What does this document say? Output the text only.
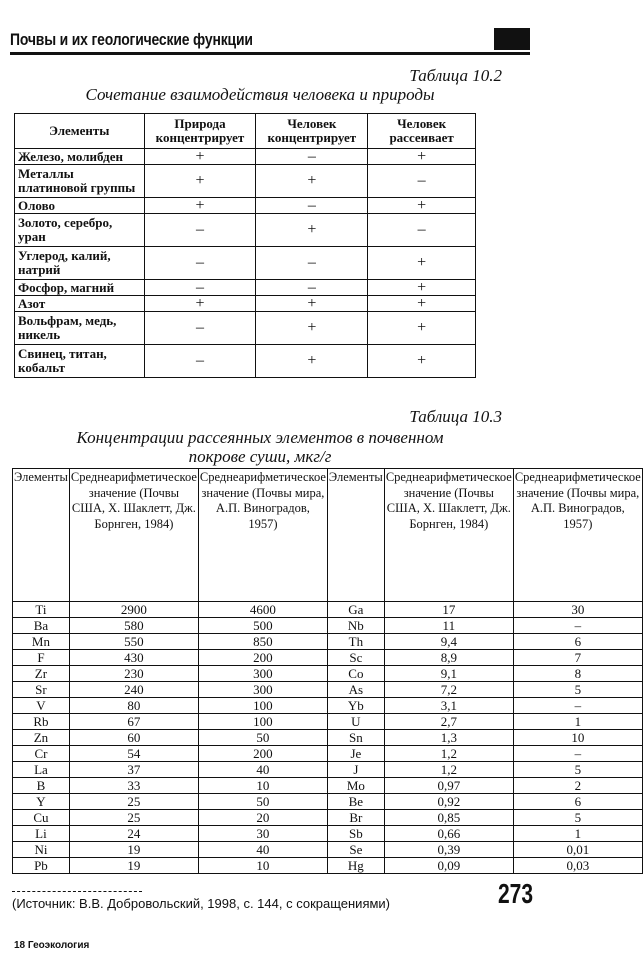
Почвы и их геологические функции
Таблица 10.2
Сочетание взаимодействия человека и природы
Элементы	Природа концентрирует	Человек концентрирует	Человек рассеивает
Железо, молибден	+	–	+
Металлы платиновой группы	+	+	–
Олово	+	–	+
Золото, серебро, уран	–	+	–
Углерод, калий, натрий	–	–	+
Фосфор, магний	–	–	+
Азот	+	+	+
Вольфрам, медь, никель	–	+	+
Свинец, титан, кобальт	–	+	+
Таблица 10.3
Концентрации рассеянных элементов в почвенном
покрове суши, мкг/г
Элементы	Среднеарифметическое значение (Почвы США, Х. Шаклетт, Дж. Борнген, 1984)	Среднеарифметическое значение (Почвы мира, А.П. Виноградов, 1957)	Элементы	Среднеарифметическое значение (Почвы США, Х. Шаклетт, Дж. Борнген, 1984)	Среднеарифметическое значение (Почвы мира, А.П. Виноградов, 1957)
Ti	2900	4600	Ga	17	30
Ba	580	500	Nb	11	–
Mn	550	850	Th	9,4	6
F	430	200	Sc	8,9	7
Zr	230	300	Co	9,1	8
Sr	240	300	As	7,2	5
V	80	100	Yb	3,1	–
Rb	67	100	U	2,7	1
Zn	60	50	Sn	1,3	10
Cr	54	200	Je	1,2	–
La	37	40	J	1,2	5
B	33	10	Mo	0,97	2
Y	25	50	Be	0,92	6
Cu	25	20	Br	0,85	5
Li	24	30	Sb	0,66	1
Ni	19	40	Se	0,39	0,01
Pb	19	10	Hg	0,09	0,03
(Источник: В.В. Добровольский, 1998, с. 144, с сокращениями)	273
18 Геоэкология
